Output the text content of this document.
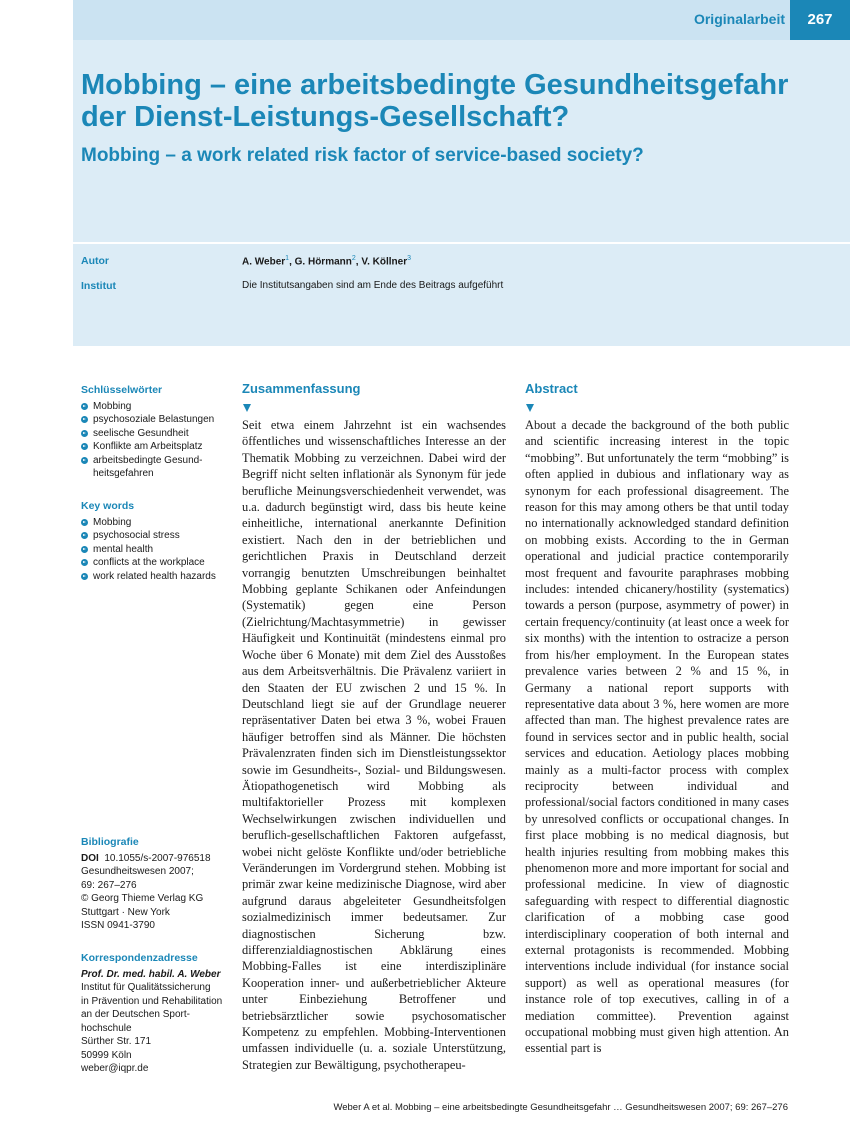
Originalarbeit	267
Mobbing – eine arbeitsbedingte Gesundheitsgefahr der Dienst-Leistungs-Gesellschaft?
Mobbing – a work related risk factor of service-based society?
Autor	A. Weber$^1$, G. Hörmann$^2$, V. Köllner$^3$
Institut	Die Institutsangaben sind am Ende des Beitrags aufgeführt
Schlüsselwörter
Mobbing
psychosoziale Belastungen
seelische Gesundheit
Konflikte am Arbeitsplatz
arbeitsbedingte Gesund-heitsgefahren
Key words
Mobbing
psychosocial stress
mental health
conflicts at the workplace
work related health hazards
Bibliografie
DOI 10.1055/s-2007-976518
Gesundheitswesen 2007;
69: 267–276
© Georg Thieme Verlag KG
Stuttgart · New York
ISSN 0941-3790
Korrespondenzadresse
Prof. Dr. med. habil. A. Weber
Institut für Qualitätssicherung
in Prävention und Rehabilitation
an der Deutschen Sport-
hochschule
Sürther Str. 171
50999 Köln
weber@iqpr.de
Zusammenfassung
Seit etwa einem Jahrzehnt ist ein wachsendes öffentliches und wissenschaftliches Interesse an der Thematik Mobbing zu verzeichnen. Dabei wird der Begriff nicht selten inflationär als Synonym für jede berufliche Meinungsverschiedenheit verwendet, was u.a. dadurch begünstigt wird, dass bis heute keine einheitliche, international anerkannte Definition existiert. Nach den in der betrieblichen und gerichtlichen Praxis in Deutschland derzeit vorrangig benutzten Umschreibungen beinhaltet Mobbing geplante Schikanen oder Anfeindungen (Systematik) gegen eine Person (Zielrichtung/Machtasymmetrie) in gewisser Häufigkeit und Kontinuität (mindestens einmal pro Woche über 6 Monate) mit dem Ziel des Ausstoßes aus dem Arbeitsverhältnis. Die Prävalenz variiert in den Staaten der EU zwischen 2 und 15 %. In Deutschland liegt sie auf der Grundlage neuerer repräsentativer Daten bei etwa 3 %, wobei Frauen häufiger betroffen sind als Männer. Die höchsten Prävalenzraten finden sich im Dienstleistungssektor sowie im Gesundheits-, Sozial- und Bildungswesen. Ätiopathogenetisch wird Mobbing als multifaktorieller Prozess mit komplexen Wechselwirkungen zwischen individuellen und beruflich-gesellschaftlichen Faktoren aufgefasst, wobei nicht gelöste Konflikte und/oder betriebliche Veränderungen im Vordergrund stehen. Mobbing ist primär zwar keine medizinische Diagnose, wird aber aufgrund daraus abgeleiteter Gesundheitsfolgen sozialmedizinisch immer bedeutsamer. Zur diagnostischen Sicherung bzw. differenzialdiagnostischen Abklärung eines Mobbing-Falles ist eine interdisziplinäre Kooperation inner- und außerbetrieblicher Akteure unter Einbeziehung Betroffener und betriebsärztlicher sowie psychosomatischer Kompetenz zu empfehlen. Mobbing-Interventionen umfassen individuelle (u. a. soziale Unterstützung, Strategien zur Bewältigung, psychotherapeu-
Abstract
About a decade the background of the both public and scientific increasing interest in the topic “mobbing”. But unfortunately the term “mobbing” is often applied in dubious and inflationary way as synonym for each professional disagreement. The reason for this may among others be that until today no internationally acknowledged standard definition on mobbing exists. According to the in German operational and judicial practice contemporarily most frequent and favourite paraphrases mobbing includes: intended chicanery/hostility (systematics) towards a person (purpose, asymmetry of power) in certain frequency/continuity (at least once a week for six months) with the intention to ostracize a person from his/her employment. In the European states prevalence varies between 2 % and 15 %, in Germany a national report supports with representative data about 3 %, here women are more affected than man. The highest prevalence rates are found in services sector and in public health, social services and education. Aetiology places mobbing mainly as a multi-factor process with complex reciprocity between individual and professional/social factors conditioned in many cases by unresolved conflicts or occupational changes. In first place mobbing is no medical diagnosis, but health injuries resulting from mobbing makes this phenomenon more and more important for social and professional medicine. In view of diagnostic safeguarding with respect to differential diagnostic clarification of a mobbing case good interdisciplinary cooperation of both internal and external protagonists is recommended. Mobbing interventions include individual (for instance social support) as well as operational measures (for instance role of top executives, calling in of a mediation committee). Prevention against occupational mobbing must given high attention. An essential part is
Weber A et al. Mobbing – eine arbeitsbedingte Gesundheitsgefahr … Gesundheitswesen 2007; 69: 267–276
